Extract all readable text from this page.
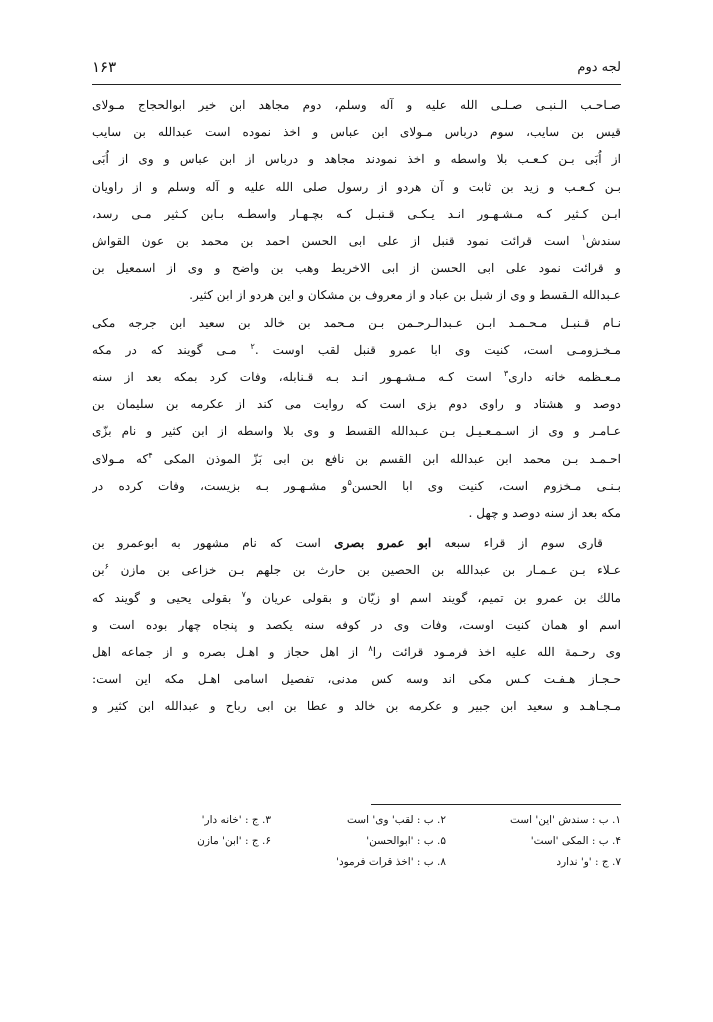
لجه دوم
۱۶۳
صـاحـب الـنبـى صـلـى الله عليه و آله وسلم، دوم مجاهد ابن خير ابوالحجاج مـولاى
قيس بن سايب، سوم درباس مـولاى ابن عباس و اخذ نموده است عبدالله بن سايب
از اُبَى بـن كـعـب بلا واسطه و اخذ نمودند مجاهد و درباس از ابن عباس و وى از اُبَى
بـن كـعـب و زيد بن ثابت و آن هردو از رسول صلى الله عليه و آله وسلم و از راويان
ابـن كـثير كـه مـشـهـور انـد يـكـى قـنبـل كـه بچـهـار واسطـه بـابن كـثير مـى رسد،
سندش$^۱$ است قرائت نمود قنبل از على ابى الحسن احمد بن محمد بن عون القواش
و قرائت نمود على ابى الحسن از ابى الاخريط وهب بن واضح و وى از اسمعيل بن
عـبدالله الـقسط و وى از شبل بن عباد و از معروف بن مشكان و اين هردو از ابن كثير.
نـام قـنبـل مـحـمـد ابـن عـبدالـرحـمن بـن مـحمد بن خالد بن سعيد ابن جرجه مكى
مـخـزومـى است، كنيت وى ابا عمرو قنبل لقب اوست .$^۲$ مـى گويند كه در مكه
مـعـظمه خانه دارى$^۳$ است كـه مـشـهـور انـد بـه قـنابله، وفات كرد بمكه بعد از سنه
دوصد و هشتاد و راوى دوم بزى است كه روايت مى كند از عكرمه بن سليمان بن
عـامـر و وى از اسـمـعـيـل بـن عـبدالله القسط و وى بلا واسطه از ابن كثير و نام بزّى
احـمـد بـن محمد ابن عبدالله ابن القسم بن نافع بن ابى بَزّ الموذن المكى $^۴$كه مـولاى
بـنـى مـخزوم است، كنيت وى ابا الحسن$^۵$و مشـهـور بـه بزيست، وفات كرده در
مكه بعد از سنه دوصد و چهل .
قارى سوم از قراء سبعه ابو عمرو بصرى است كه نام مشهور به ابوعمرو بن
عـلاء بـن عـمـار بن عبدالله بن الحصين بن حارث بن جلهم بـن خزاعى بن مازن $^۶$بن
مالك بن عمرو بن تميم، گويند اسم او زيّان و بقولى عريان و$^۷$ بقولى يحيى و گويند كه
اسم او همان كنيت اوست، وفات وى در كوفه سنه يكصد و پنجاه چهار بوده است و
وى رحـمة الله عليه اخذ فرمـود قرائت را$^۸$ از اهل حجاز و اهـل بصره و از جماعه اهل
حـجـاز هـفـت كـس مكى اند وسه كس مدنى، تفصيل اسامى اهـل مكه اين است:
مـجـاهـد و سعيد ابن جبير و عكرمه بن خالد و عطا بن ابى رباح و عبدالله ابن كثير و
۱. ب : سندش 'اين' است
۲. ب : لقب' وى' است
۳. ج : 'خانه دار'
۴. ب : المكى 'است'
۵. ب : 'ابوالحسن'
۶. ج : 'ابن' مازن
۷. ج : 'و' ندارد
۸. ب : 'اخذ قرات فرمود'
